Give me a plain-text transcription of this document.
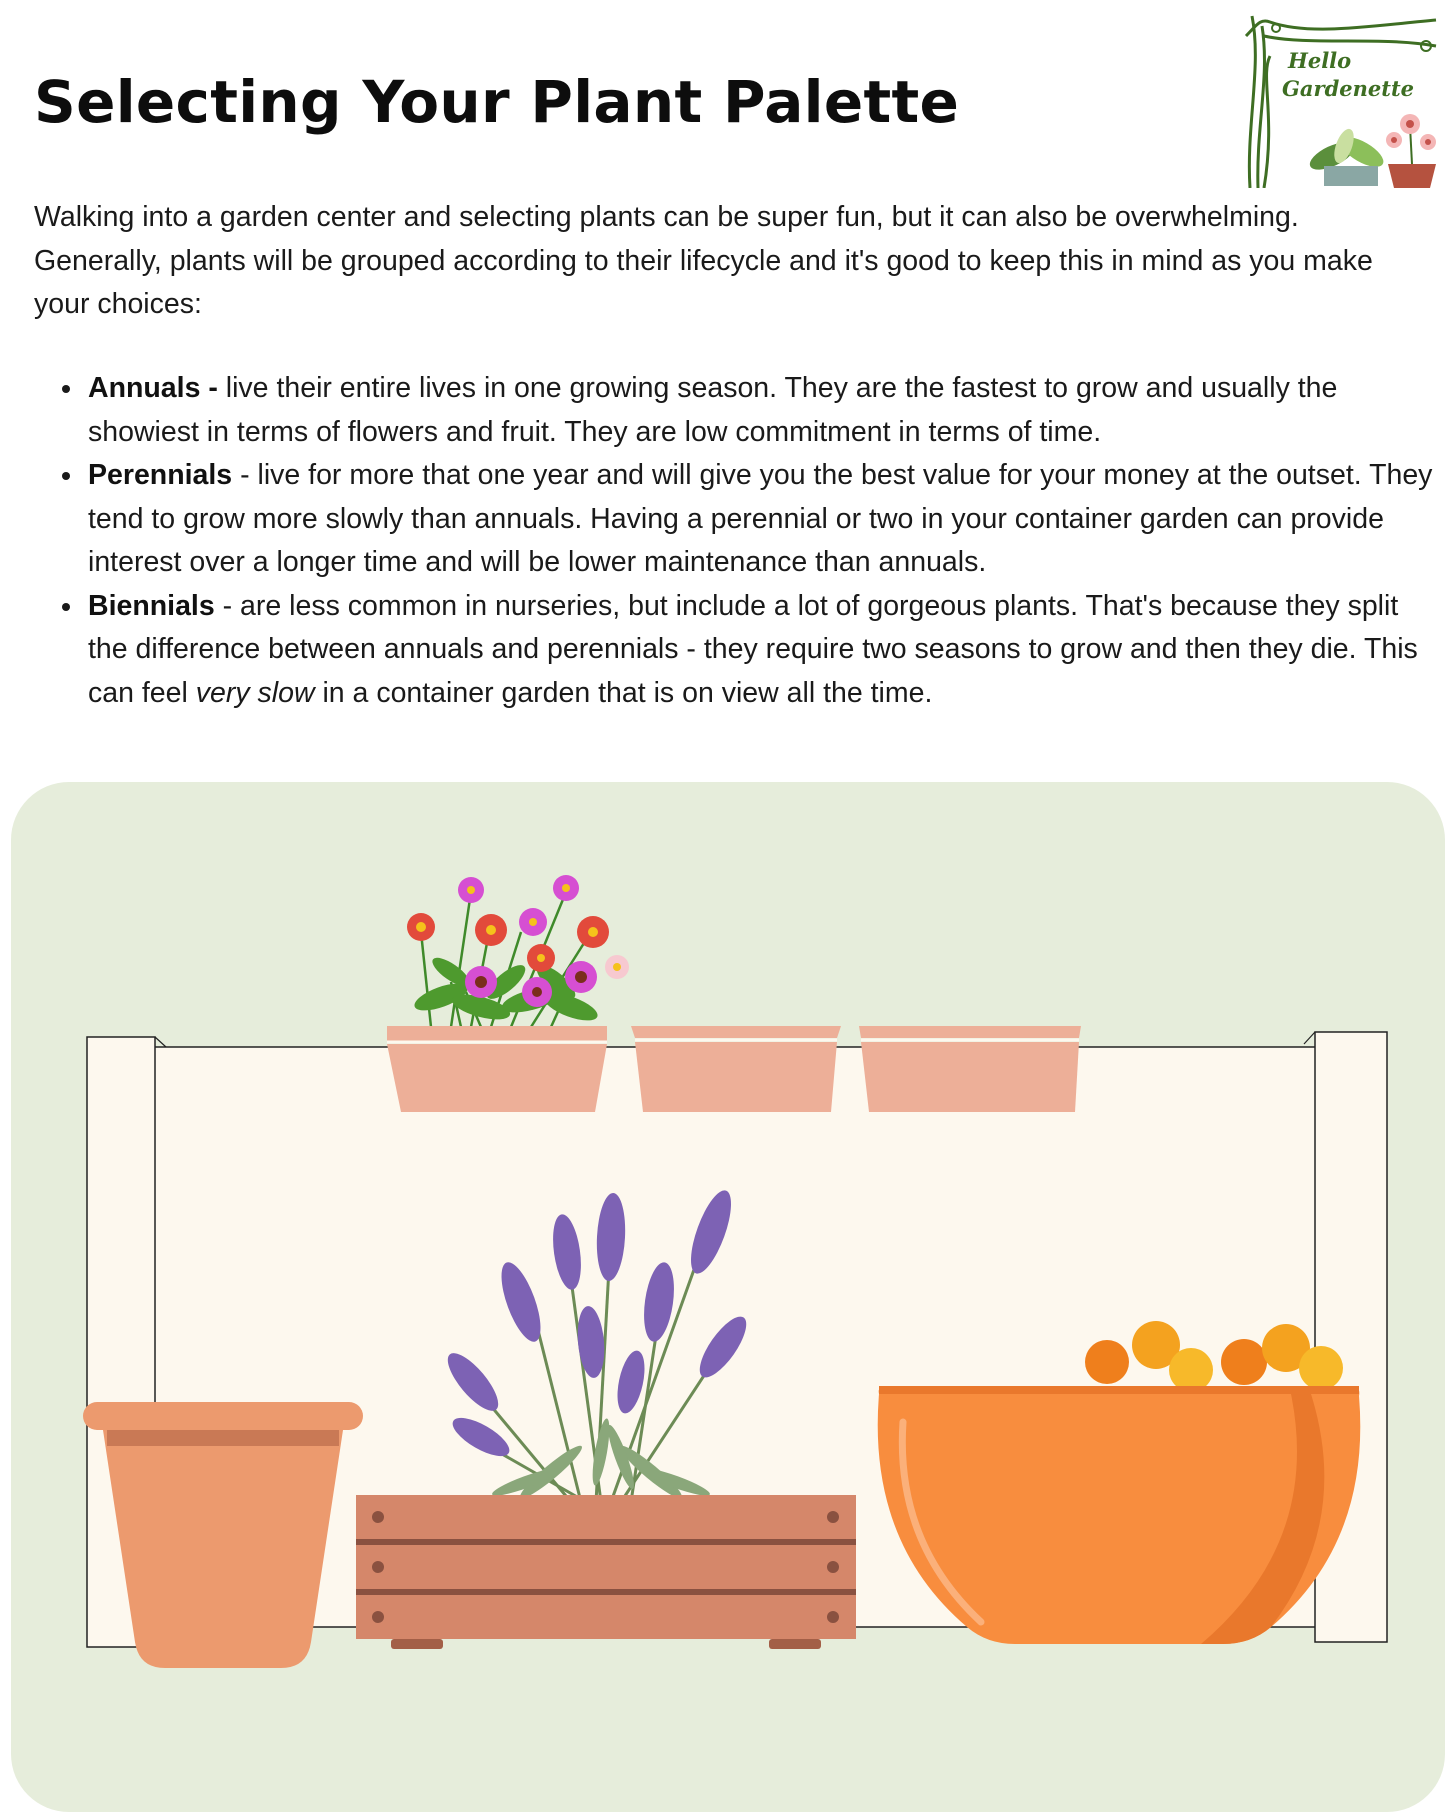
Selecting Your Plant Palette
Hello
Gardenette

Walking into a garden center and selecting plants can be super fun, but it can also be overwhelming. Generally, plants will be grouped according to their lifecycle and it's good to keep this in mind as you make your choices:

Annuals - live their entire lives in one growing season. They are the fastest to grow and usually the showiest in terms of flowers and fruit. They are low commitment in terms of time.
Perennials - live for more that one year and will give you the best value for your money at the outset. They tend to grow more slowly than annuals. Having a perennial or two in your container garden can provide interest over a longer time and will be lower maintenance than annuals.
Biennials - are less common in nurseries, but include a lot of gorgeous plants. That's because they split the difference between annuals and perennials - they require two seasons to grow and then they die. This can feel very slow in a container garden that is on view all the time.
